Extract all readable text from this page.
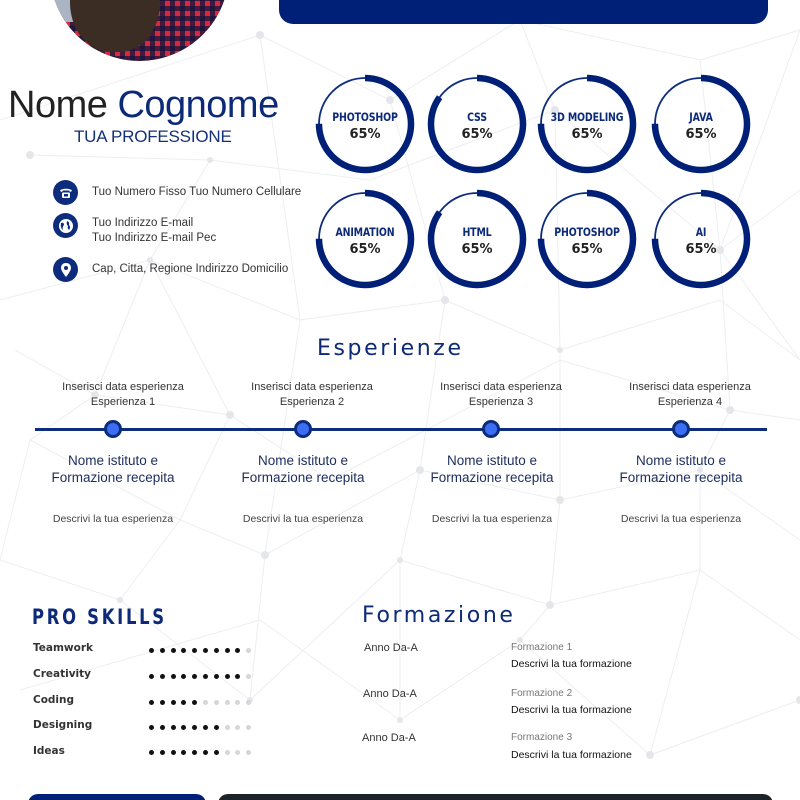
Nome Cognome
TUA PROFESSIONE
Tuo Numero Fisso Tuo Numero Cellulare
Tuo Indirizzo E-mail
Tuo Indirizzo E-mail Pec
Cap, Citta, Regione Indirizzo Domicilio
PHOTOSHOP
65%
CSS
65%
3D MODELING
65%
JAVA
65%
ANIMATION
65%
HTML
65%
PHOTOSHOP
65%
AI
65%
Esperienze
Inserisci data esperienza
Esperienza 1
Nome istituto e
Formazione recepita
Descrivi la tua esperienza
Inserisci data esperienza
Esperienza 2
Nome istituto e
Formazione recepita
Descrivi la tua esperienza
Inserisci data esperienza
Esperienza 3
Nome istituto e
Formazione recepita
Descrivi la tua esperienza
Inserisci data esperienza
Esperienza 4
Nome istituto e
Formazione recepita
Descrivi la tua esperienza
PRO SKILLS
Teamwork
Creativity
Coding
Designing
Ideas
Formazione
Anno Da-A	Formazione 1
Descrivi la tua formazione
Anno Da-A	Formazione 2
Descrivi la tua formazione
Anno Da-A	Formazione 3
Descrivi la tua formazione
